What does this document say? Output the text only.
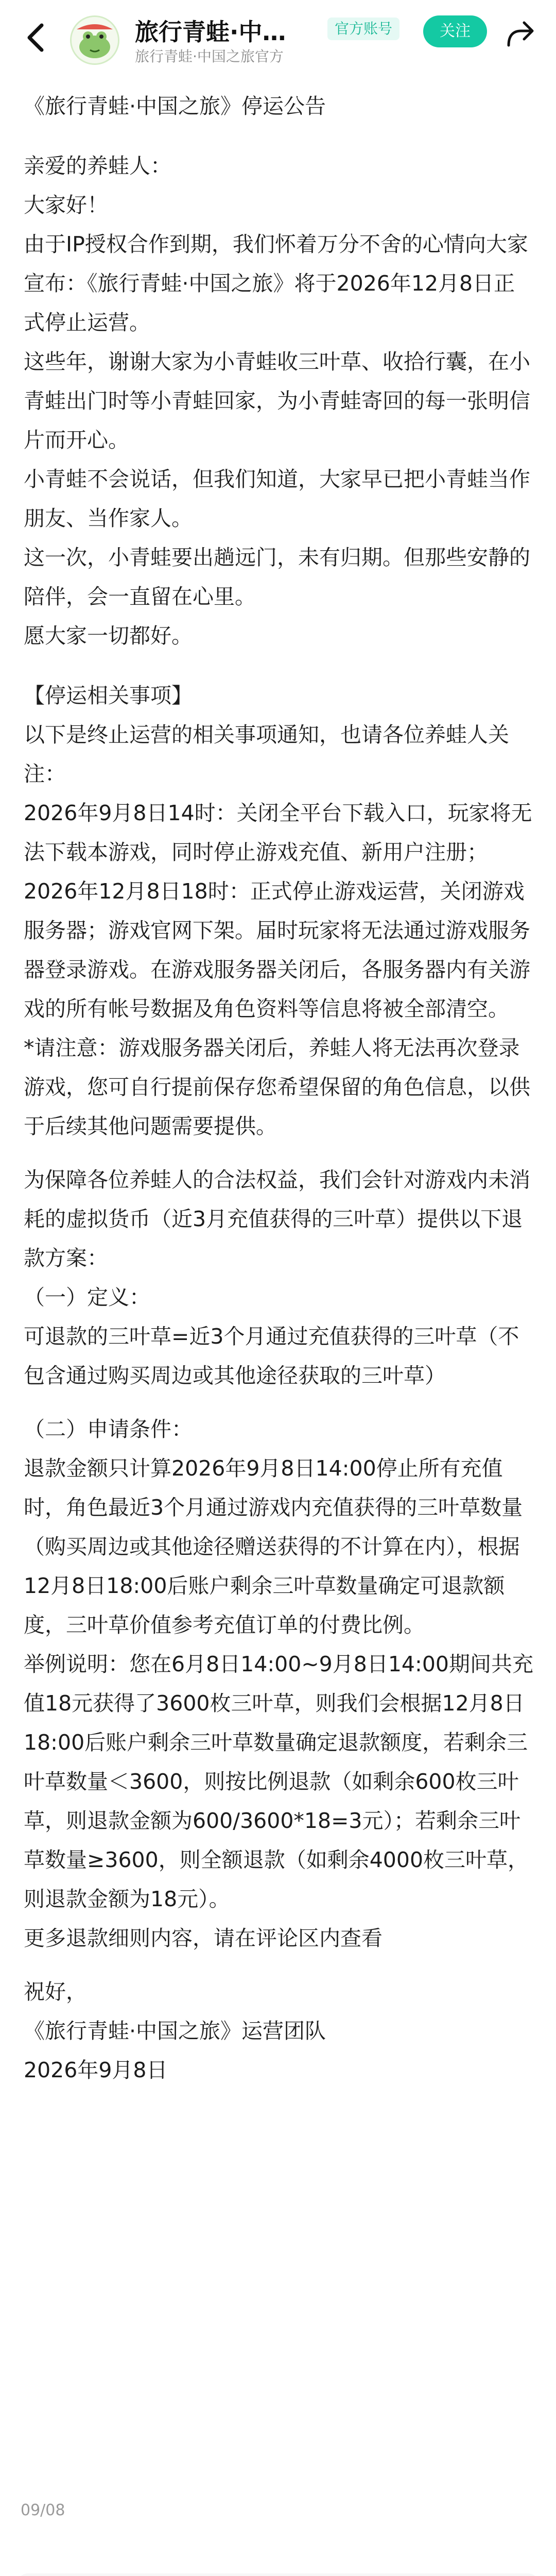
旅行青蛙·中…
旅行青蛙·中国之旅官方
官方账号	关注

《旅行青蛙·中国之旅》停运公告

亲爱的养蛙人：

大家好！

由于IP授权合作到期，我们怀着万分不舍的心情向大家宣布：《旅行青蛙·中国之旅》将于2026年12月8日正式停止运营。

这些年，谢谢大家为小青蛙收三叶草、收拾行囊，在小青蛙出门时等小青蛙回家，为小青蛙寄回的每一张明信片而开心。

小青蛙不会说话，但我们知道，大家早已把小青蛙当作朋友、当作家人。

这一次，小青蛙要出趟远门，未有归期。但那些安静的陪伴，会一直留在心里。

愿大家一切都好。

【停运相关事项】

以下是终止运营的相关事项通知，也请各位养蛙人关注：

2026年9月8日14时：关闭全平台下载入口，玩家将无法下载本游戏，同时停止游戏充值、新用户注册；

2026年12月8日18时：正式停止游戏运营，关闭游戏服务器；游戏官网下架。届时玩家将无法通过游戏服务器登录游戏。在游戏服务器关闭后，各服务器内有关游戏的所有帐号数据及角色资料等信息将被全部清空。

*请注意：游戏服务器关闭后，养蛙人将无法再次登录游戏，您可自行提前保存您希望保留的角色信息，以供于后续其他问题需要提供。

为保障各位养蛙人的合法权益，我们会针对游戏内未消耗的虚拟货币（近3月充值获得的三叶草）提供以下退款方案：

（一）定义：

可退款的三叶草=近3个月通过充值获得的三叶草（不包含通过购买周边或其他途径获取的三叶草）

（二）申请条件：

退款金额只计算2026年9月8日14:00停止所有充值时，角色最近3个月通过游戏内充值获得的三叶草数量（购买周边或其他途径赠送获得的不计算在内），根据12月8日18:00后账户剩余三叶草数量确定可退款额度，三叶草价值参考充值订单的付费比例。

举例说明：您在6月8日14:00~9月8日14:00期间共充值18元获得了3600枚三叶草，则我们会根据12月8日18:00后账户剩余三叶草数量确定退款额度，若剩余三叶草数量＜3600，则按比例退款（如剩余600枚三叶草，则退款金额为600/3600*18=3元）；若剩余三叶草数量≥3600，则全额退款（如剩余4000枚三叶草，则退款金额为18元）。

更多退款细则内容，请在评论区内查看

祝好，

《旅行青蛙·中国之旅》运营团队

2026年9月8日

09/08
